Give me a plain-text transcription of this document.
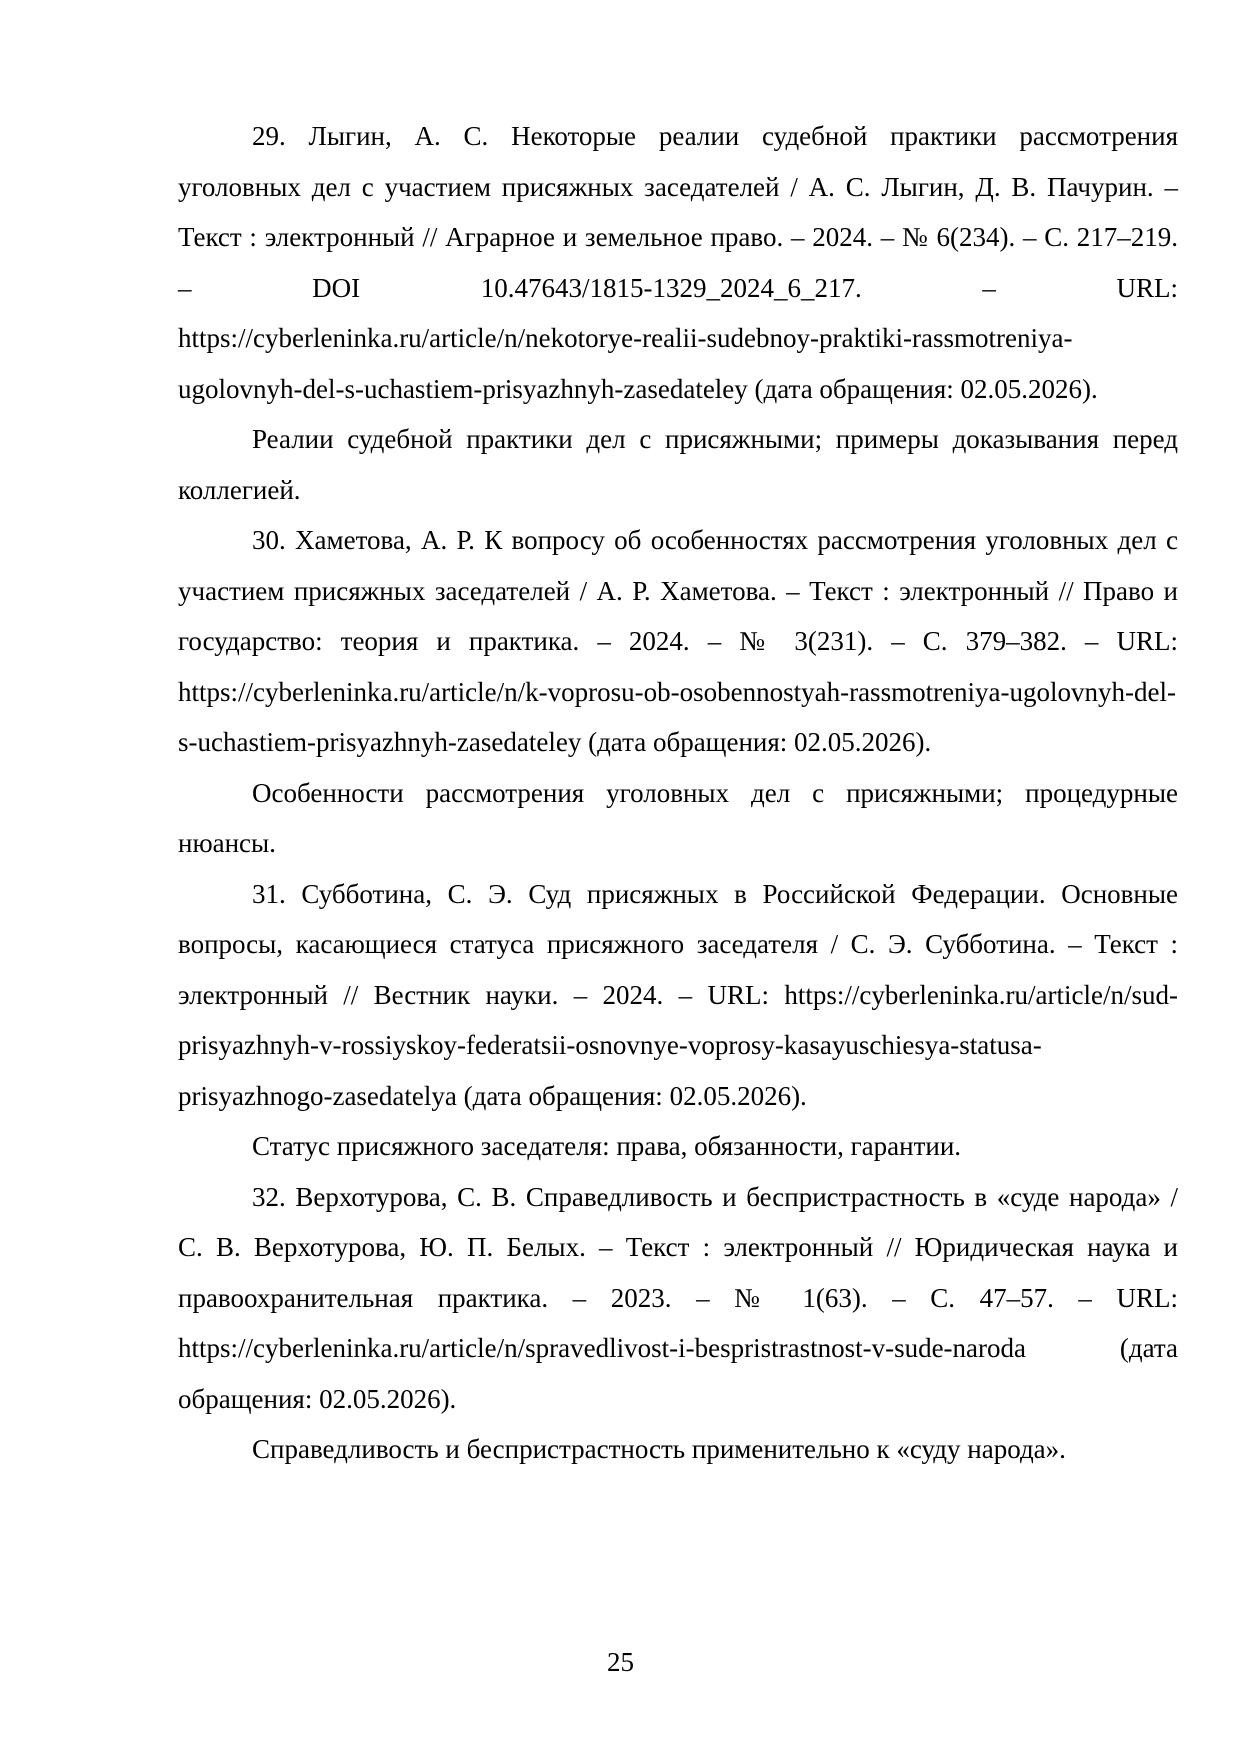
29. Лыгин, А. С. Некоторые реалии судебной практики рассмотрения уголовных дел с участием присяжных заседателей / А. С. Лыгин, Д. В. Пачурин. – Текст : электронный // Аграрное и земельное право. – 2024. – № 6(234). – С. 217–219. – DOI 10.47643/1815-1329_2024_6_217. – URL: https://cyberleninka.ru/article/n/nekotorye-realii-sudebnoy-praktiki-rassmotreniya-ugolovnyh-del-s-uchastiem-prisyazhnyh-zasedateley (дата обращения: 02.05.2026).

Реалии судебной практики дел с присяжными; примеры доказывания перед коллегией.

30. Хаметова, А. Р. К вопросу об особенностях рассмотрения уголовных дел с участием присяжных заседателей / А. Р. Хаметова. – Текст : электронный // Право и государство: теория и практика. – 2024. – № 3(231). – С. 379–382. – URL: https://cyberleninka.ru/article/n/k-voprosu-ob-osobennostyah-rassmotreniya-ugolovnyh-del-s-uchastiem-prisyazhnyh-zasedateley (дата обращения: 02.05.2026).

Особенности рассмотрения уголовных дел с присяжными; процедурные нюансы.

31. Субботина, С. Э. Суд присяжных в Российской Федерации. Основные вопросы, касающиеся статуса присяжного заседателя / С. Э. Субботина. – Текст : электронный // Вестник науки. – 2024. – URL: https://cyberleninka.ru/article/n/sud-prisyazhnyh-v-rossiyskoy-federatsii-osnovnye-voprosy-kasayuschiesya-statusa-prisyazhnogo-zasedatelya (дата обращения: 02.05.2026).

Статус присяжного заседателя: права, обязанности, гарантии.

32. Верхотурова, С. В. Справедливость и беспристрастность в «суде народа» / С. В. Верхотурова, Ю. П. Белых. – Текст : электронный // Юридическая наука и правоохранительная практика. – 2023. – № 1(63). – С. 47–57. – URL: https://cyberleninka.ru/article/n/spravedlivost-i-bespristrastnost-v-sude-naroda (дата обращения: 02.05.2026).

Справедливость и беспристрастность применительно к «суду народа».

25
